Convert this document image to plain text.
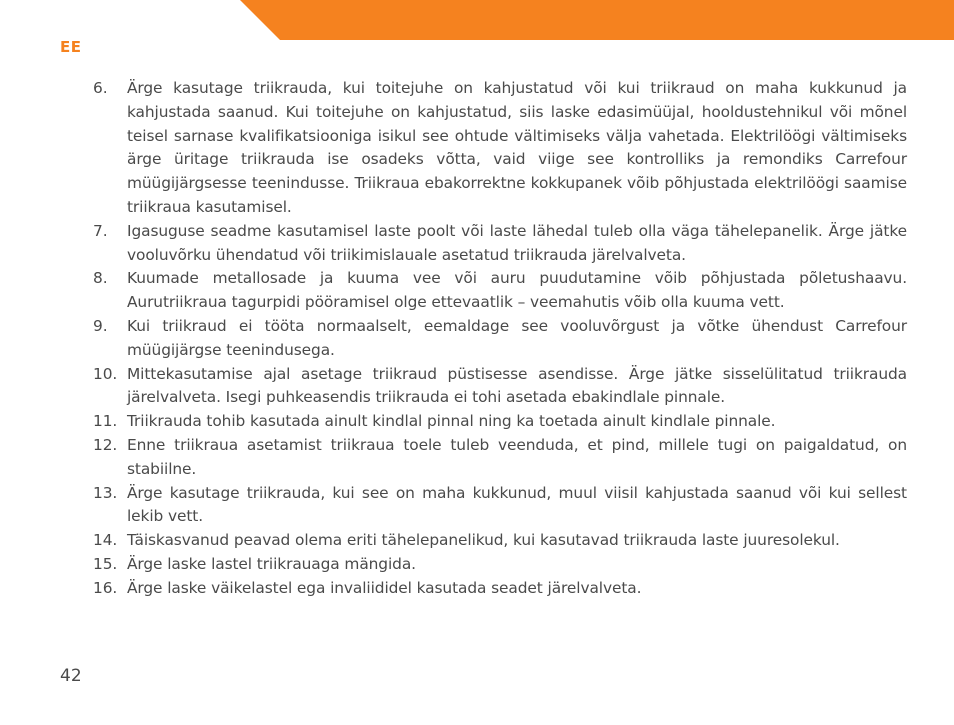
EE
6.	Ärge kasutage triikrauda, kui toitejuhe on kahjustatud või kui triikraud on maha kukkunud ja kahjustada saanud. Kui toitejuhe on kahjustatud, siis laske edasimüüjal, hooldustehnikul või mõnel teisel sarnase kvalifikatsiooniga isikul see ohtude vältimiseks välja vahetada. Elektrilöögi vältimiseks ärge üritage triikrauda ise osadeks võtta, vaid viige see kontrolliks ja remondiks Carrefour müügijärgsesse teenindusse. Triikraua ebakorrektne kokkupanek võib põhjustada elektrilöögi saamise triikraua kasutamisel.
7.	Igasuguse seadme kasutamisel laste poolt või laste lähedal tuleb olla väga tähelepanelik. Ärge jätke vooluvõrku ühendatud või triikimislauale asetatud triikrauda järelvalveta.
8.	Kuumade metallosade ja kuuma vee või auru puudutamine võib põhjustada põletushaavu. Aurutriikraua tagurpidi pööramisel olge ettevaatlik – veemahutis võib olla kuuma vett.
9.	Kui triikraud ei tööta normaalselt, eemaldage see vooluvõrgust ja võtke ühendust Carrefour müügijärgse teenindusega.
10. Mittekasutamise ajal asetage triikraud püstisesse asendisse. Ärge jätke sisselülitatud triikrauda järelvalveta. Isegi puhkeasendis triikrauda ei tohi asetada ebakindlale pinnale.
11. Triikrauda tohib kasutada ainult kindlal pinnal ning ka toetada ainult kindlale pinnale.
12. Enne triikraua asetamist triikraua toele tuleb veenduda, et pind, millele tugi on paigaldatud, on stabiilne.
13. Ärge kasutage triikrauda, kui see on maha kukkunud, muul viisil kahjustada saanud või kui sellest lekib vett.
14. Täiskasvanud peavad olema eriti tähelepanelikud, kui kasutavad triikrauda laste juuresolekul.
15. Ärge laske lastel triikrauaga mängida.
16. Ärge laske väikelastel ega invaliididel kasutada seadet järelvalveta.
42
